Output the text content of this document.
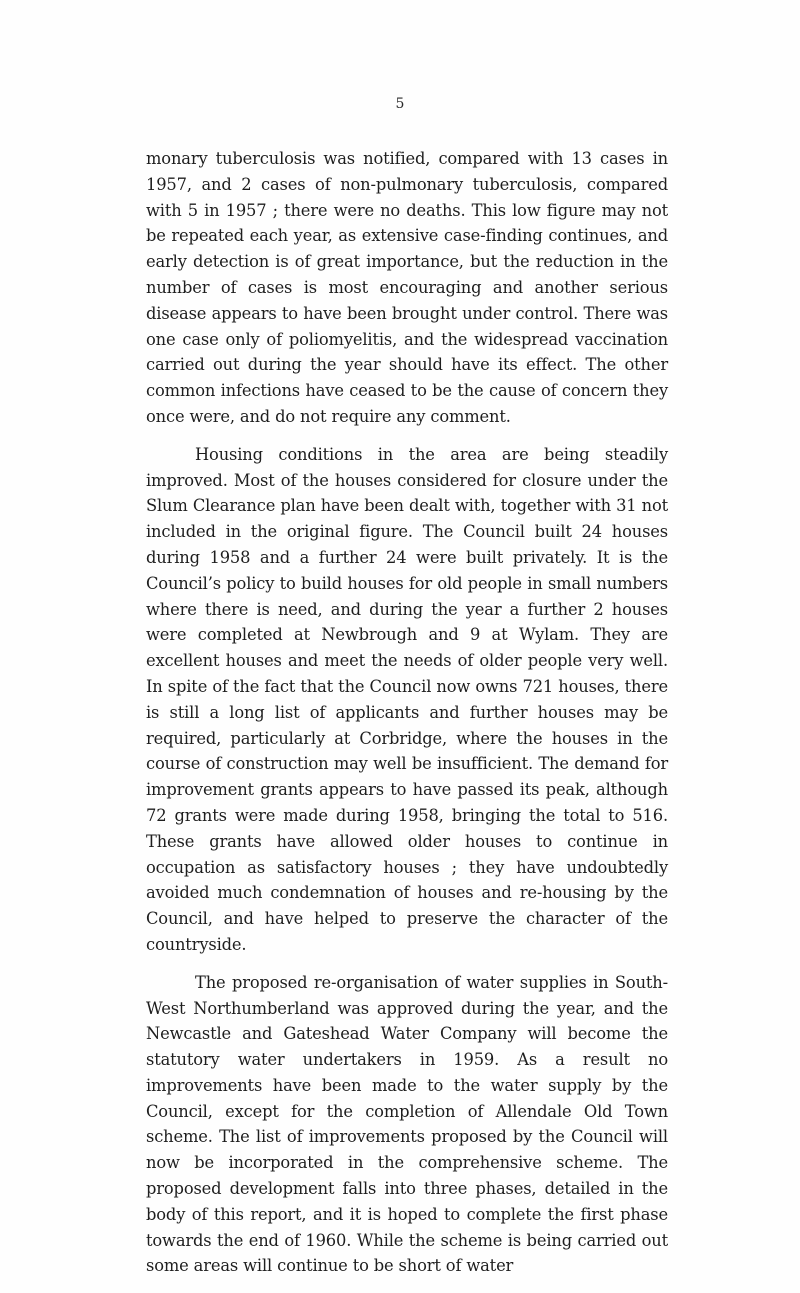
5

monary tuberculosis was notified, compared with 13 cases in 1957, and 2 cases of non-pulmonary tuberculosis, compared with 5 in 1957 ; there were no deaths. This low figure may not be repeated each year, as extensive case-finding continues, and early detection is of great importance, but the reduction in the number of cases is most encouraging and another serious disease appears to have been brought under control. There was one case only of poliomyelitis, and the widespread vaccination carried out during the year should have its effect. The other common infections have ceased to be the cause of concern they once were, and do not require any comment.

Housing conditions in the area are being steadily improved. Most of the houses considered for closure under the Slum Clearance plan have been dealt with, together with 31 not included in the original figure. The Council built 24 houses during 1958 and a further 24 were built privately. It is the Council’s policy to build houses for old people in small numbers where there is need, and during the year a further 2 houses were completed at Newbrough and 9 at Wylam. They are excellent houses and meet the needs of older people very well. In spite of the fact that the Council now owns 721 houses, there is still a long list of applicants and further houses may be required, particularly at Corbridge, where the houses in the course of construction may well be insufficient. The demand for improvement grants appears to have passed its peak, although 72 grants were made during 1958, bringing the total to 516. These grants have allowed older houses to continue in occupation as satisfactory houses ; they have undoubtedly avoided much condemnation of houses and re-housing by the Council, and have helped to preserve the character of the countryside.

The proposed re-organisation of water supplies in South-West Northumberland was approved during the year, and the Newcastle and Gateshead Water Company will become the statutory water undertakers in 1959. As a result no improvements have been made to the water supply by the Council, except for the completion of Allendale Old Town scheme. The list of improvements proposed by the Council will now be incorporated in the comprehensive scheme. The proposed development falls into three phases, detailed in the body of this report, and it is hoped to complete the first phase towards the end of 1960. While the scheme is being carried out some areas will continue to be short of water
